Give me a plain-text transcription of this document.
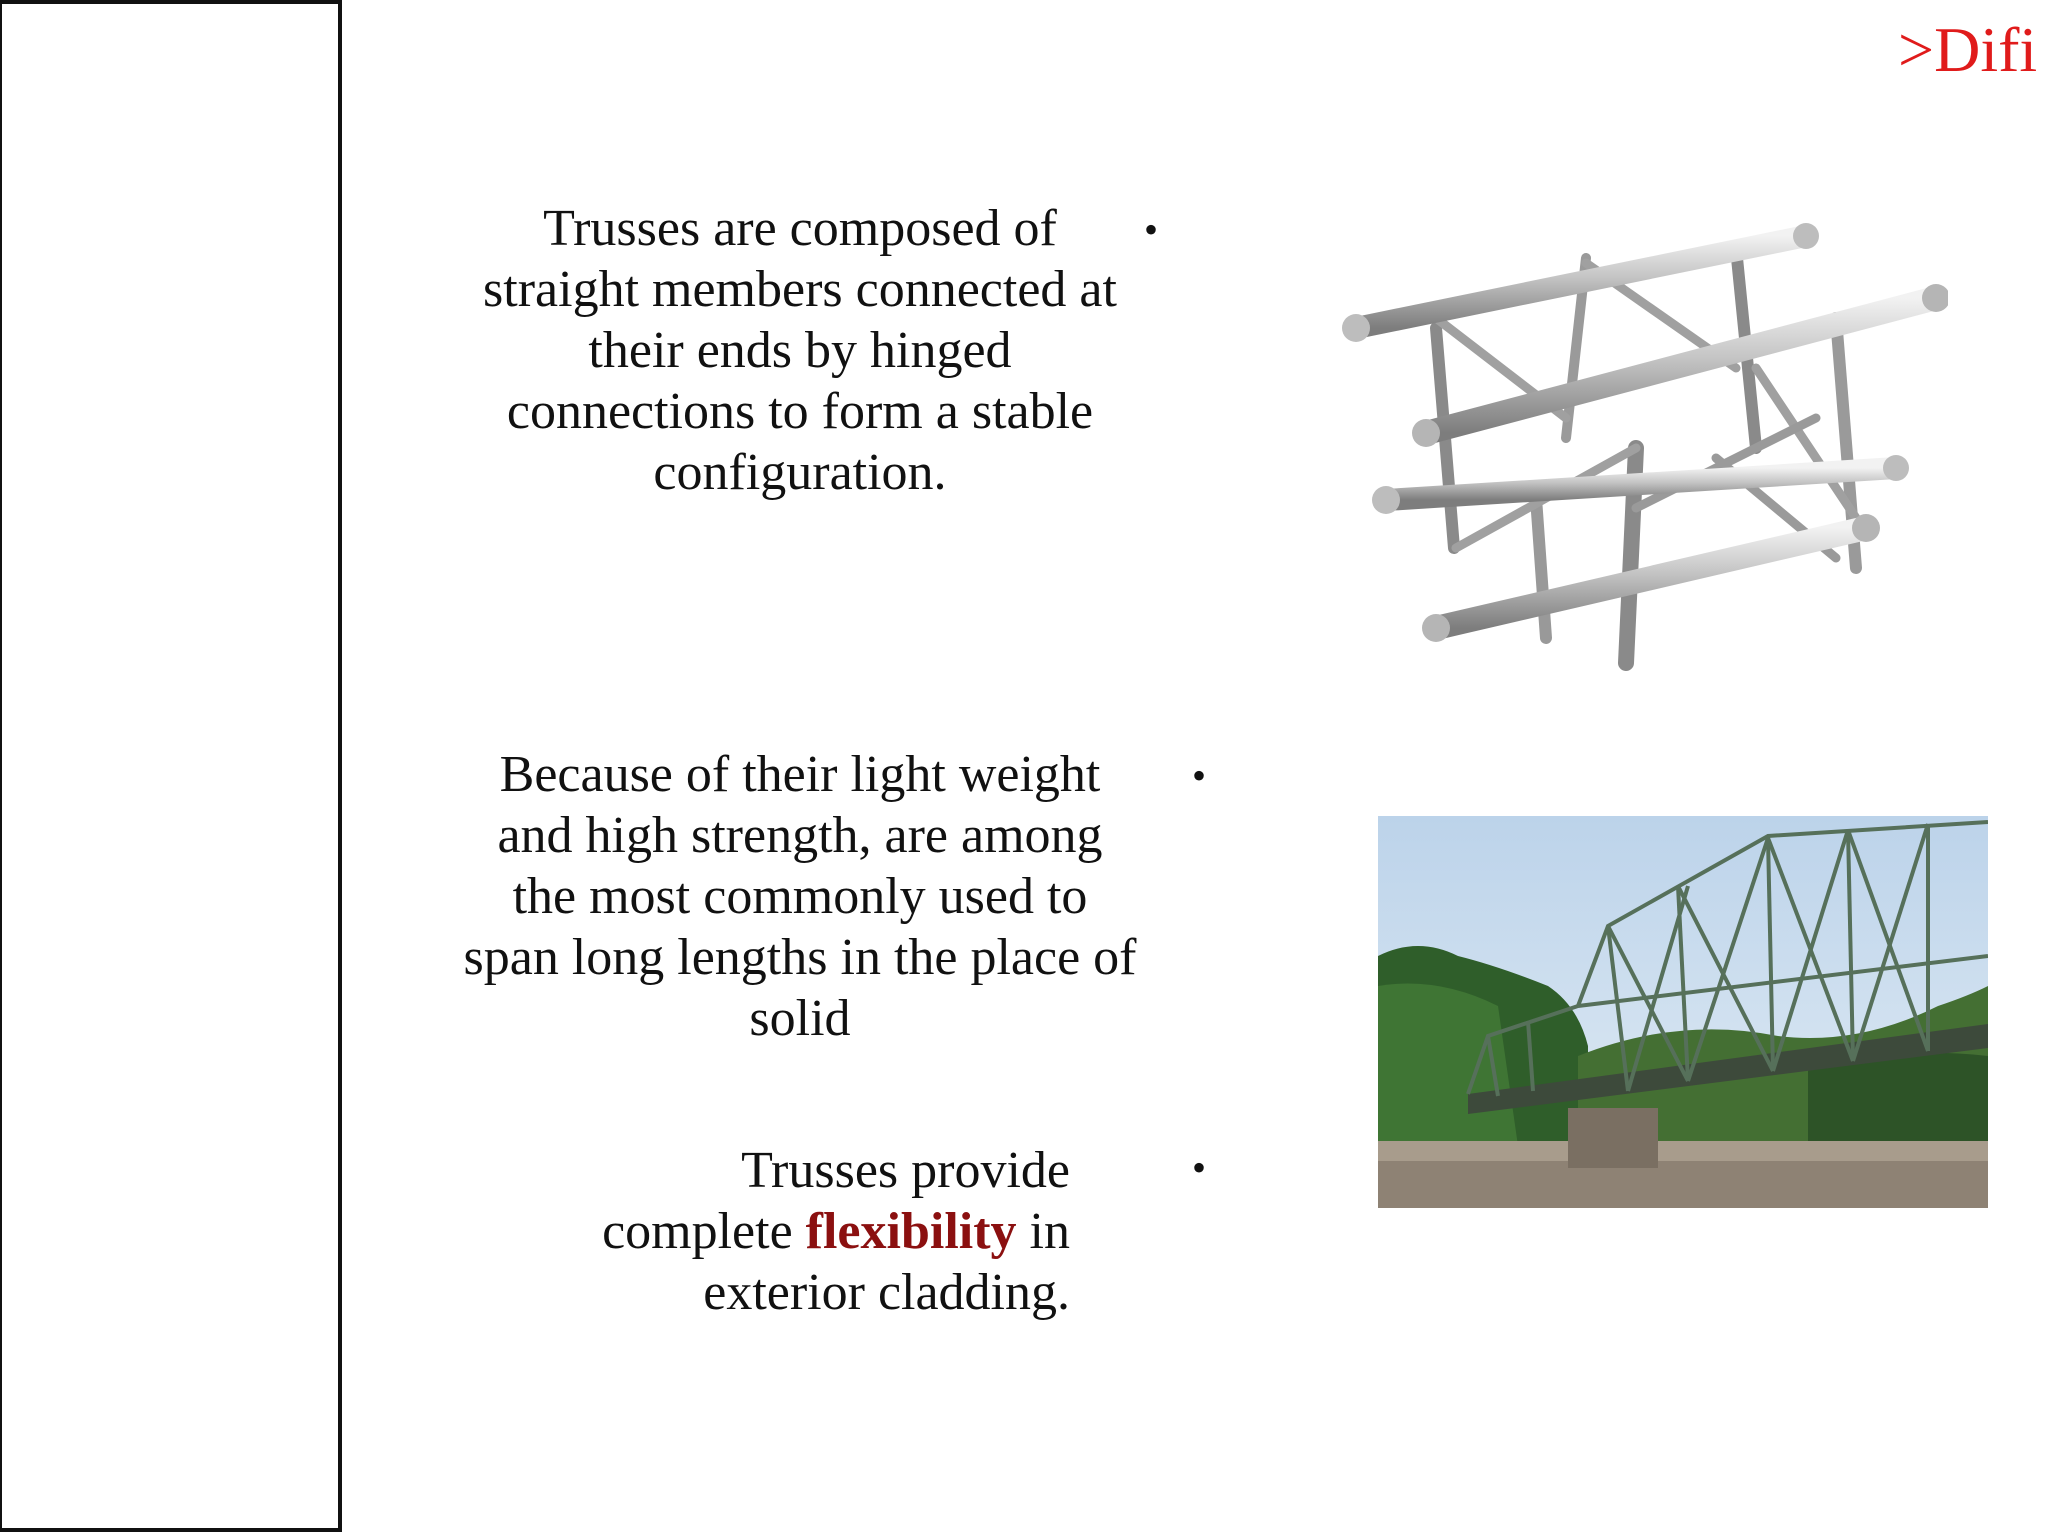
>Difi
Trusses are composed of straight members connected at their ends by hinged connections to form a stable configuration.
•
Because of their light weight and high strength, are among the most commonly used to span long lengths in the place of solid
•
Trusses provide complete flexibility in exterior cladding.
•
